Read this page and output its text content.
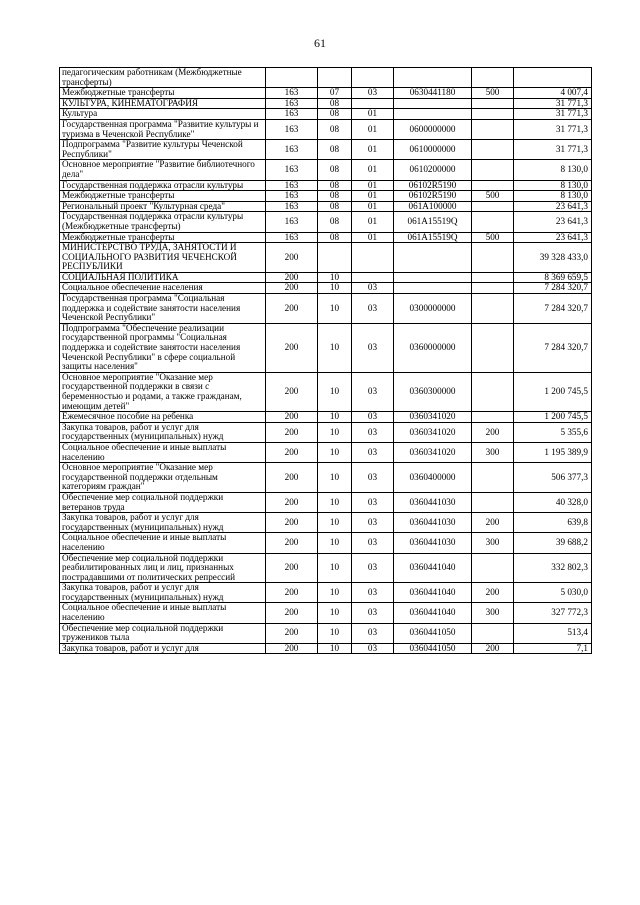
61
педагогическим работникам (Межбюджетные трансферты)						
Межбюджетные трансферты	163	07	03	0630441180	500	4 007,4
КУЛЬТУРА, КИНЕМАТОГРАФИЯ	163	08				31 771,3
Культура	163	08	01			31 771,3
Государственная программа "Развитие культуры и туризма в Чеченской Республике"	163	08	01	0600000000		31 771,3
Подпрограмма "Развитие культуры Чеченской Республики"	163	08	01	0610000000		31 771,3
Основное мероприятие "Развитие библиотечного дела"	163	08	01	0610200000		8 130,0
Государственная поддержка отрасли культуры	163	08	01	06102R5190		8 130,0
Межбюджетные трансферты	163	08	01	06102R5190	500	8 130,0
Региональный проект "Культурная среда"	163	08	01	061A100000		23 641,3
Государственная поддержка отрасли культуры (Межбюджетные трансферты)	163	08	01	061A15519Q		23 641,3
Межбюджетные трансферты	163	08	01	061A15519Q	500	23 641,3
МИНИСТЕРСТВО ТРУДА, ЗАНЯТОСТИ И СОЦИАЛЬНОГО РАЗВИТИЯ ЧЕЧЕНСКОЙ РЕСПУБЛИКИ	200					39 328 433,0
СОЦИАЛЬНАЯ ПОЛИТИКА	200	10				8 369 659,5
Социальное обеспечение населения	200	10	03			7 284 320,7
Государственная программа "Социальная поддержка и содействие занятости населения Чеченской Республики"	200	10	03	0300000000		7 284 320,7
Подпрограмма "Обеспечение реализации государственной программы "Социальная поддержка и содействие занятости населения Чеченской Республики" в сфере социальной защиты населения"	200	10	03	0360000000		7 284 320,7
Основное мероприятие "Оказание мер государственной поддержки в связи с беременностью и родами, а также гражданам, имеющим детей"	200	10	03	0360300000		1 200 745,5
Ежемесячное пособие на ребенка	200	10	03	0360341020		1 200 745,5
Закупка товаров, работ и услуг для государственных (муниципальных) нужд	200	10	03	0360341020	200	5 355,6
Социальное обеспечение и иные выплаты населению	200	10	03	0360341020	300	1 195 389,9
Основное мероприятие "Оказание мер государственной поддержки отдельным категориям граждан"	200	10	03	0360400000		506 377,3
Обеспечение мер социальной поддержки ветеранов труда	200	10	03	0360441030		40 328,0
Закупка товаров, работ и услуг для государственных (муниципальных) нужд	200	10	03	0360441030	200	639,8
Социальное обеспечение и иные выплаты населению	200	10	03	0360441030	300	39 688,2
Обеспечение мер социальной поддержки реабилитированных лиц и лиц, признанных пострадавшими от политических репрессий	200	10	03	0360441040		332 802,3
Закупка товаров, работ и услуг для государственных (муниципальных) нужд	200	10	03	0360441040	200	5 030,0
Социальное обеспечение и иные выплаты населению	200	10	03	0360441040	300	327 772,3
Обеспечение мер социальной поддержки тружеников тыла	200	10	03	0360441050		513,4
Закупка товаров, работ и услуг для	200	10	03	0360441050	200	7,1
